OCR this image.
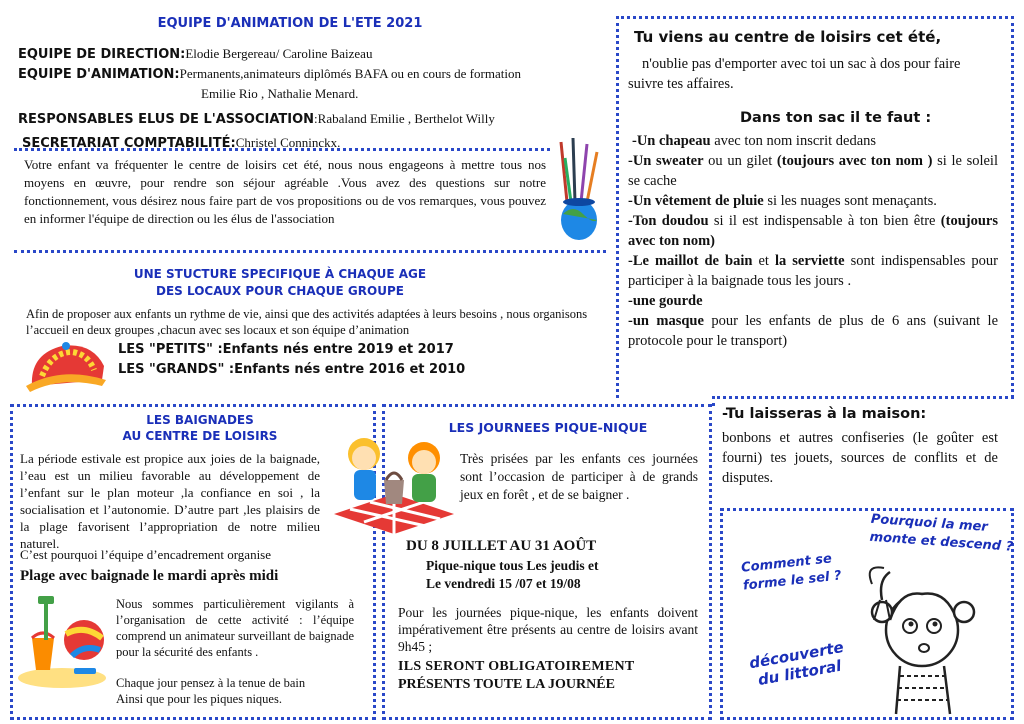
EQUIPE D'ANIMATION DE L'ETE 2021
EQUIPE DE DIRECTION:Elodie Bergereau/ Caroline Baizeau
EQUIPE D'ANIMATION:Permanents,animateurs diplômés BAFA ou en cours de formation
Emilie Rio , Nathalie Menard.
RESPONSABLES ELUS DE L'ASSOCIATION:Rabaland Emilie , Berthelot Willy
SECRETARIAT COMPTABILITÉ:Christel Conninckx.
Votre enfant va fréquenter le centre de loisirs cet été, nous nous engageons à mettre tous nos moyens en œuvre, pour rendre son séjour agréable .Vous avez des questions sur notre fonctionnement, vous désirez nous faire part de vos propositions ou de vos remarques, vous pouvez en informer l'équipe de direction ou les élus de l'association
UNE STUCTURE SPECIFIQUE À CHAQUE AGE
DES LOCAUX POUR CHAQUE GROUPE
Afin de proposer aux enfants un rythme de vie, ainsi que des activités adaptées à leurs besoins , nous organisons l’accueil en deux groupes ,chacun avec ses locaux et son équipe d’animation
LES "PETITS" :Enfants nés entre 2019 et 2017
LES "GRANDS" :Enfants nés entre 2016 et 2010
LES BAIGNADES
AU CENTRE DE LOISIRS
La période estivale est propice aux joies de la baignade, l’eau est un milieu favorable au développement de l’enfant sur le plan moteur ,la confiance en soi , la socialisation et l’autonomie. D’autre part ,les plaisirs de la plage favorisent l’appropriation de notre milieu naturel.
C’est pourquoi l’équipe d’encadrement organise
Plage avec baignade le mardi après midi
Nous sommes particulièrement vigilants à l’organisation de cette activité : l’équipe comprend un animateur surveillant de baignade pour la sécurité des enfants .
Chaque jour pensez à la tenue de bain
Ainsi que pour les piques niques.
LES JOURNEES PIQUE-NIQUE
Très prisées par les enfants ces journées sont l’occasion de participer à de grands jeux en forêt , et de se baigner .
DU 8 JUILLET AU 31 AOÛT
Pique-nique tous Les jeudis et
Le vendredi 15 /07 et 19/08
Pour les journées pique-nique, les enfants doivent impérativement être présents au centre de loisirs avant 9h45 ;
ILS SERONT OBLIGATOIREMENT
PRÉSENTS TOUTE LA JOURNÉE
Tu viens au centre de loisirs cet été,
n'oublie pas d'emporter avec toi un sac à dos pour faire suivre tes affaires.
Dans ton sac il te faut :
-Un chapeau avec ton nom inscrit dedans
-Un sweater ou un gilet (toujours avec ton nom ) si le soleil se cache
-Un vêtement de pluie si les nuages sont menaçants.
-Ton doudou si il est indispensable à ton bien être (toujours avec ton nom)
-Le maillot de bain et la serviette sont indispensables pour participer à la baignade tous les jours .
-une gourde
-un masque pour les enfants de plus de 6 ans (suivant le protocole pour le transport)
-Tu laisseras à la maison:
bonbons et autres confiseries (le goûter est fourni) tes jouets, sources de conflits et de disputes.
Pourquoi la mer monte et descend ?
Comment se forme le sel ?
découverte du littoral
